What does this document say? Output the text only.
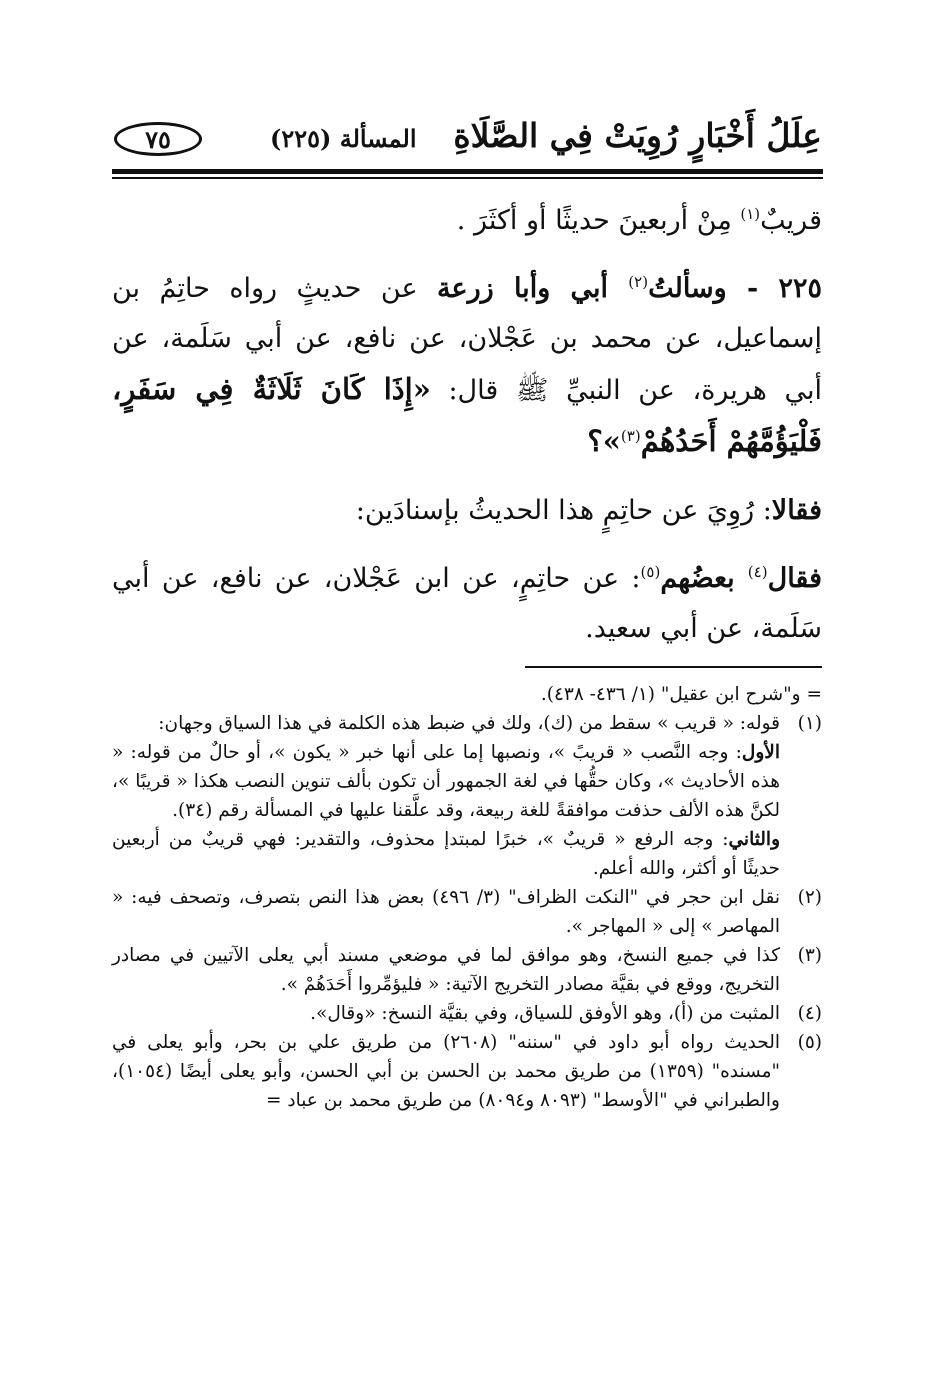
عِلَلُ أَخْبَارٍ رُوِيَتْ فِي الصَّلَاةِ
المسألة (٢٢٥)
٧٥

قريبٌ$^{(١)}$ مِنْ أربعينَ حديثًا أو أكثَرَ .

٢٢٥ - وسألتُ$^{(٢)}$ أبي وأبا زرعة عن حديثٍ رواه حاتِمُ بن إسماعيل، عن محمد بن عَجْلان، عن نافع، عن أبي سَلَمة، عن أبي هريرة، عن النبيِّ ﷺ قال: «إِذَا كَانَ ثَلَاثَةٌ فِي سَفَرٍ، فَلْيَؤُمَّهُمْ أَحَدُهُمْ$^{(٣)}$»؟

فقالا: رُوِيَ عن حاتِمٍ هذا الحديثُ بإسنادَين:

فقال$^{(٤)}$ بعضُهم$^{(٥)}$: عن حاتِمٍ، عن ابن عَجْلان، عن نافع، عن أبي سَلَمة، عن أبي سعيد.

= و"شرح ابن عقيل" (١/ ٤٣٦- ٤٣٨).
(١)
قوله: « قريب » سقط من (ك)، ولك في ضبط هذه الكلمة في هذا السياق وجهان:
الأول: وجه النَّصب « قريبً »، ونصبها إما على أنها خبر « يكون »، أو حالٌ من قوله: « هذه الأحاديث »، وكان حقُّها في لغة الجمهور أن تكون بألف تنوين النصب هكذا « قريبًا »، لكنَّ هذه الألف حذفت موافقةً للغة ربيعة، وقد علَّقنا عليها في المسألة رقم (٣٤).
والثاني: وجه الرفع « قريبٌ »، خبرًا لمبتدإ محذوف، والتقدير: فهي قريبٌ من أربعين حديثًا أو أكثر، والله أعلم.
(٢)
نقل ابن حجر في "النكت الظراف" (٣/ ٤٩٦) بعض هذا النص بتصرف، وتصحف فيه: « المهاصر » إلى « المهاجر ».
(٣)
كذا في جميع النسخ، وهو موافق لما في موضعي مسند أبي يعلى الآتيين في مصادر التخريج، ووقع في بقيَّة مصادر التخريج الآتية: « فليؤمِّروا أَحَدَهُمْ ».
(٤)
المثبت من (أ)، وهو الأوفق للسياق، وفي بقيَّة النسخ: «وقال».
(٥)
الحديث رواه أبو داود في "سننه" (٢٦٠٨) من طريق علي بن بحر، وأبو يعلى في "مسنده" (١٣٥٩) من طريق محمد بن الحسن بن أبي الحسن، وأبو يعلى أيضًا (١٠٥٤)، والطبراني في "الأوسط" (٨٠٩٣ و٨٠٩٤) من طريق محمد بن عباد =
